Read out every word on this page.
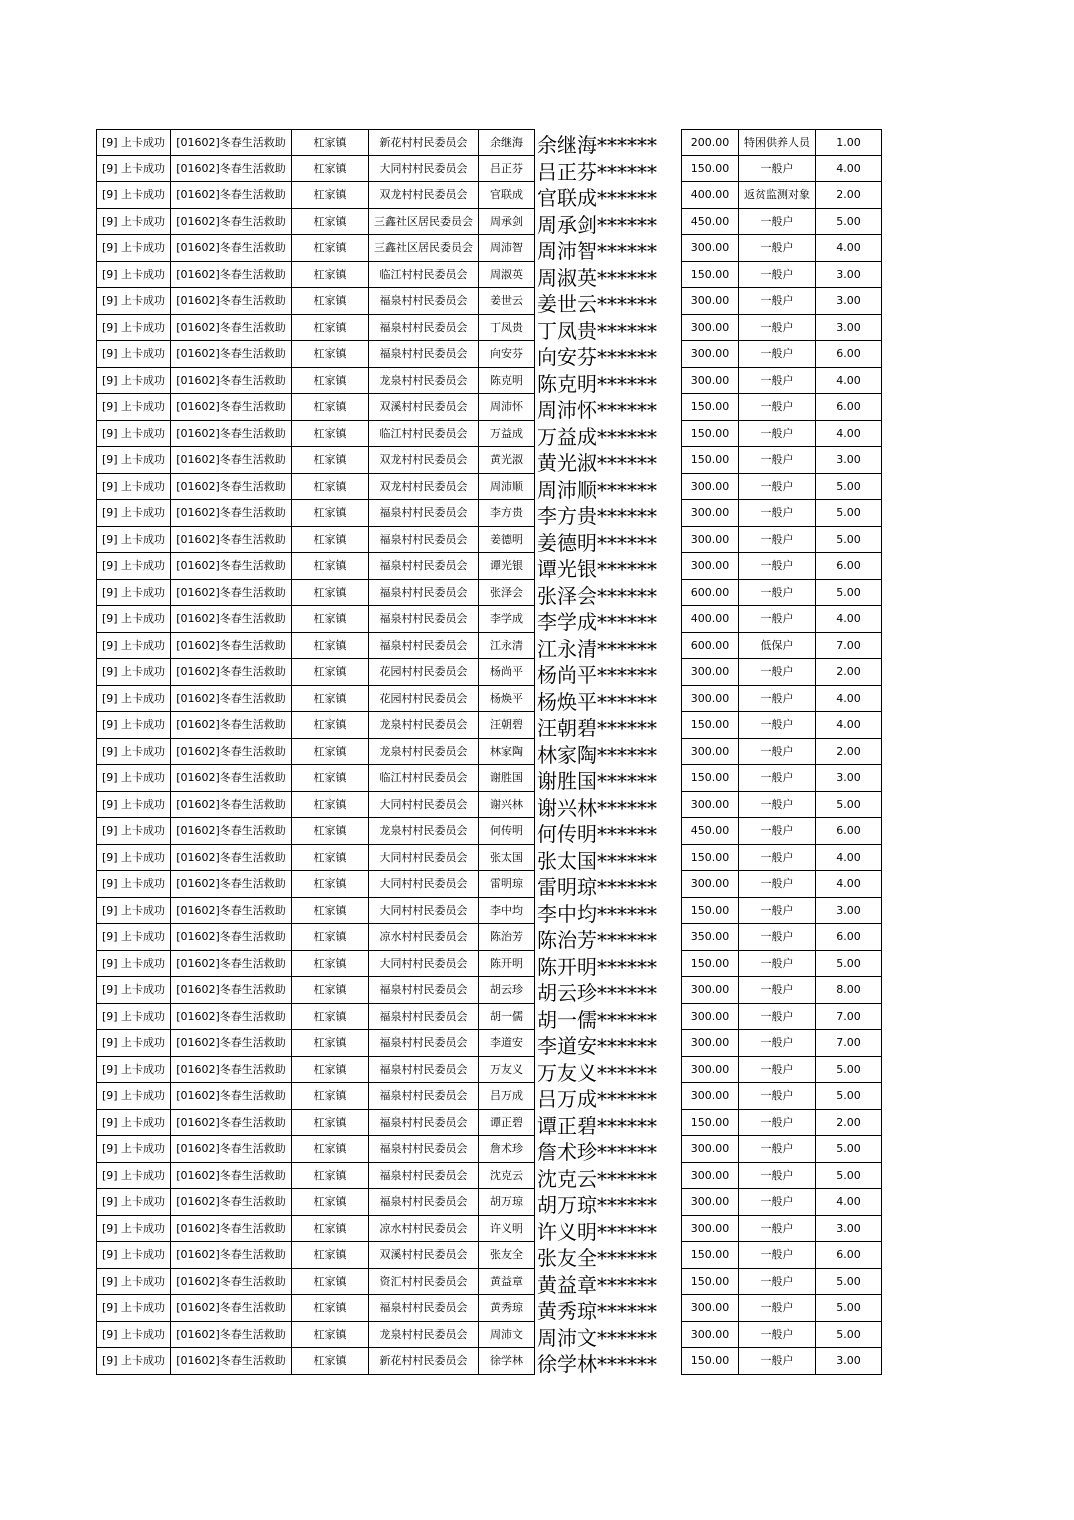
[9] 上卡成功	[01602]冬春生活救助	杠家镇	新花村村民委员会	余继海 余继海******	200.00	特困供养人员	1.00
[9] 上卡成功	[01602]冬春生活救助	杠家镇	大同村村民委员会	吕正芬 吕正芬******	150.00	一般户	4.00
[9] 上卡成功	[01602]冬春生活救助	杠家镇	双龙村村民委员会	官联成 官联成******	400.00	返贫监测对象	2.00
[9] 上卡成功	[01602]冬春生活救助	杠家镇	三鑫社区居民委员会	周承剑 周承剑******	450.00	一般户	5.00
[9] 上卡成功	[01602]冬春生活救助	杠家镇	三鑫社区居民委员会	周沛智 周沛智******	300.00	一般户	4.00
[9] 上卡成功	[01602]冬春生活救助	杠家镇	临江村村民委员会	周淑英 周淑英******	150.00	一般户	3.00
[9] 上卡成功	[01602]冬春生活救助	杠家镇	福泉村村民委员会	姜世云 姜世云******	300.00	一般户	3.00
[9] 上卡成功	[01602]冬春生活救助	杠家镇	福泉村村民委员会	丁凤贵 丁凤贵******	300.00	一般户	3.00
[9] 上卡成功	[01602]冬春生活救助	杠家镇	福泉村村民委员会	向安芬 向安芬******	300.00	一般户	6.00
[9] 上卡成功	[01602]冬春生活救助	杠家镇	龙泉村村民委员会	陈克明 陈克明******	300.00	一般户	4.00
[9] 上卡成功	[01602]冬春生活救助	杠家镇	双溪村村民委员会	周沛怀 周沛怀******	150.00	一般户	6.00
[9] 上卡成功	[01602]冬春生活救助	杠家镇	临江村村民委员会	万益成 万益成******	150.00	一般户	4.00
[9] 上卡成功	[01602]冬春生活救助	杠家镇	双龙村村民委员会	黄光淑 黄光淑******	150.00	一般户	3.00
[9] 上卡成功	[01602]冬春生活救助	杠家镇	双龙村村民委员会	周沛顺 周沛顺******	300.00	一般户	5.00
[9] 上卡成功	[01602]冬春生活救助	杠家镇	福泉村村民委员会	李方贵 李方贵******	300.00	一般户	5.00
[9] 上卡成功	[01602]冬春生活救助	杠家镇	福泉村村民委员会	姜德明 姜德明******	300.00	一般户	5.00
[9] 上卡成功	[01602]冬春生活救助	杠家镇	福泉村村民委员会	谭光银 谭光银******	300.00	一般户	6.00
[9] 上卡成功	[01602]冬春生活救助	杠家镇	福泉村村民委员会	张泽会 张泽会******	600.00	一般户	5.00
[9] 上卡成功	[01602]冬春生活救助	杠家镇	福泉村村民委员会	李学成 李学成******	400.00	一般户	4.00
[9] 上卡成功	[01602]冬春生活救助	杠家镇	福泉村村民委员会	江永清 江永清******	600.00	低保户	7.00
[9] 上卡成功	[01602]冬春生活救助	杠家镇	花园村村民委员会	杨尚平 杨尚平******	300.00	一般户	2.00
[9] 上卡成功	[01602]冬春生活救助	杠家镇	花园村村民委员会	杨焕平 杨焕平******	300.00	一般户	4.00
[9] 上卡成功	[01602]冬春生活救助	杠家镇	龙泉村村民委员会	汪朝碧 汪朝碧******	150.00	一般户	4.00
[9] 上卡成功	[01602]冬春生活救助	杠家镇	龙泉村村民委员会	林家陶 林家陶******	300.00	一般户	2.00
[9] 上卡成功	[01602]冬春生活救助	杠家镇	临江村村民委员会	谢胜国 谢胜国******	150.00	一般户	3.00
[9] 上卡成功	[01602]冬春生活救助	杠家镇	大同村村民委员会	谢兴林 谢兴林******	300.00	一般户	5.00
[9] 上卡成功	[01602]冬春生活救助	杠家镇	龙泉村村民委员会	何传明 何传明******	450.00	一般户	6.00
[9] 上卡成功	[01602]冬春生活救助	杠家镇	大同村村民委员会	张太国 张太国******	150.00	一般户	4.00
[9] 上卡成功	[01602]冬春生活救助	杠家镇	大同村村民委员会	雷明琼 雷明琼******	300.00	一般户	4.00
[9] 上卡成功	[01602]冬春生活救助	杠家镇	大同村村民委员会	李中均 李中均******	150.00	一般户	3.00
[9] 上卡成功	[01602]冬春生活救助	杠家镇	凉水村村民委员会	陈治芳 陈治芳******	350.00	一般户	6.00
[9] 上卡成功	[01602]冬春生活救助	杠家镇	大同村村民委员会	陈开明 陈开明******	150.00	一般户	5.00
[9] 上卡成功	[01602]冬春生活救助	杠家镇	福泉村村民委员会	胡云珍 胡云珍******	300.00	一般户	8.00
[9] 上卡成功	[01602]冬春生活救助	杠家镇	福泉村村民委员会	胡一儒 胡一儒******	300.00	一般户	7.00
[9] 上卡成功	[01602]冬春生活救助	杠家镇	福泉村村民委员会	李道安 李道安******	300.00	一般户	7.00
[9] 上卡成功	[01602]冬春生活救助	杠家镇	福泉村村民委员会	万友义 万友义******	300.00	一般户	5.00
[9] 上卡成功	[01602]冬春生活救助	杠家镇	福泉村村民委员会	吕万成 吕万成******	300.00	一般户	5.00
[9] 上卡成功	[01602]冬春生活救助	杠家镇	福泉村村民委员会	谭正碧 谭正碧******	150.00	一般户	2.00
[9] 上卡成功	[01602]冬春生活救助	杠家镇	福泉村村民委员会	詹术珍 詹术珍******	300.00	一般户	5.00
[9] 上卡成功	[01602]冬春生活救助	杠家镇	福泉村村民委员会	沈克云 沈克云******	300.00	一般户	5.00
[9] 上卡成功	[01602]冬春生活救助	杠家镇	福泉村村民委员会	胡万琼 胡万琼******	300.00	一般户	4.00
[9] 上卡成功	[01602]冬春生活救助	杠家镇	凉水村村民委员会	许义明 许义明******	300.00	一般户	3.00
[9] 上卡成功	[01602]冬春生活救助	杠家镇	双溪村村民委员会	张友全 张友全******	150.00	一般户	6.00
[9] 上卡成功	[01602]冬春生活救助	杠家镇	资汇村村民委员会	黄益章 黄益章******	150.00	一般户	5.00
[9] 上卡成功	[01602]冬春生活救助	杠家镇	福泉村村民委员会	黄秀琼 黄秀琼******	300.00	一般户	5.00
[9] 上卡成功	[01602]冬春生活救助	杠家镇	龙泉村村民委员会	周沛文 周沛文******	300.00	一般户	5.00
[9] 上卡成功	[01602]冬春生活救助	杠家镇	新花村村民委员会	徐学林 徐学林******	150.00	一般户	3.00
